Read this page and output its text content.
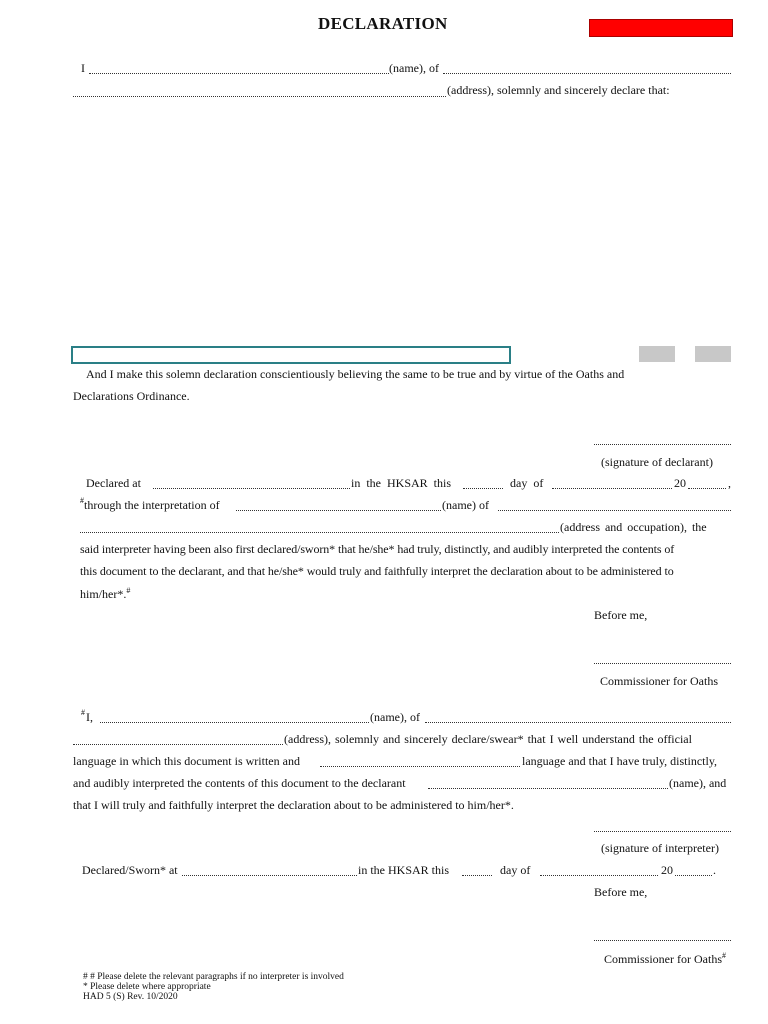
DECLARATION
I	(name), of
(address), solemnly and sincerely declare that:
And I make this solemn declaration conscientiously believing the same to be true and by virtue of the Oaths and
Declarations Ordinance.
(signature of declarant)
Declared at	in the HKSAR this	day of	20	,
# through the interpretation of	(name) of
(address and occupation), the
said interpreter having been also first declared/sworn* that he/she* had truly, distinctly, and audibly interpreted the contents of
this document to the declarant, and that he/she* would truly and faithfully interpret the declaration about to be administered to
him/her*.#
Before me,
Commissioner for Oaths
# I,	(name), of
(address), solemnly and sincerely declare/swear* that I well understand the official
language in which this document is written and	language and that I have truly, distinctly,
and audibly interpreted the contents of this document to the declarant	(name), and
that I will truly and faithfully interpret the declaration about to be administered to him/her*.
(signature of interpreter)
Declared/Sworn* at	in the HKSAR this	day of	20	.
Before me,
Commissioner for Oaths#
# # Please delete the relevant paragraphs if no interpreter is involved
* Please delete where appropriate
HAD 5 (S) Rev. 10/2020
